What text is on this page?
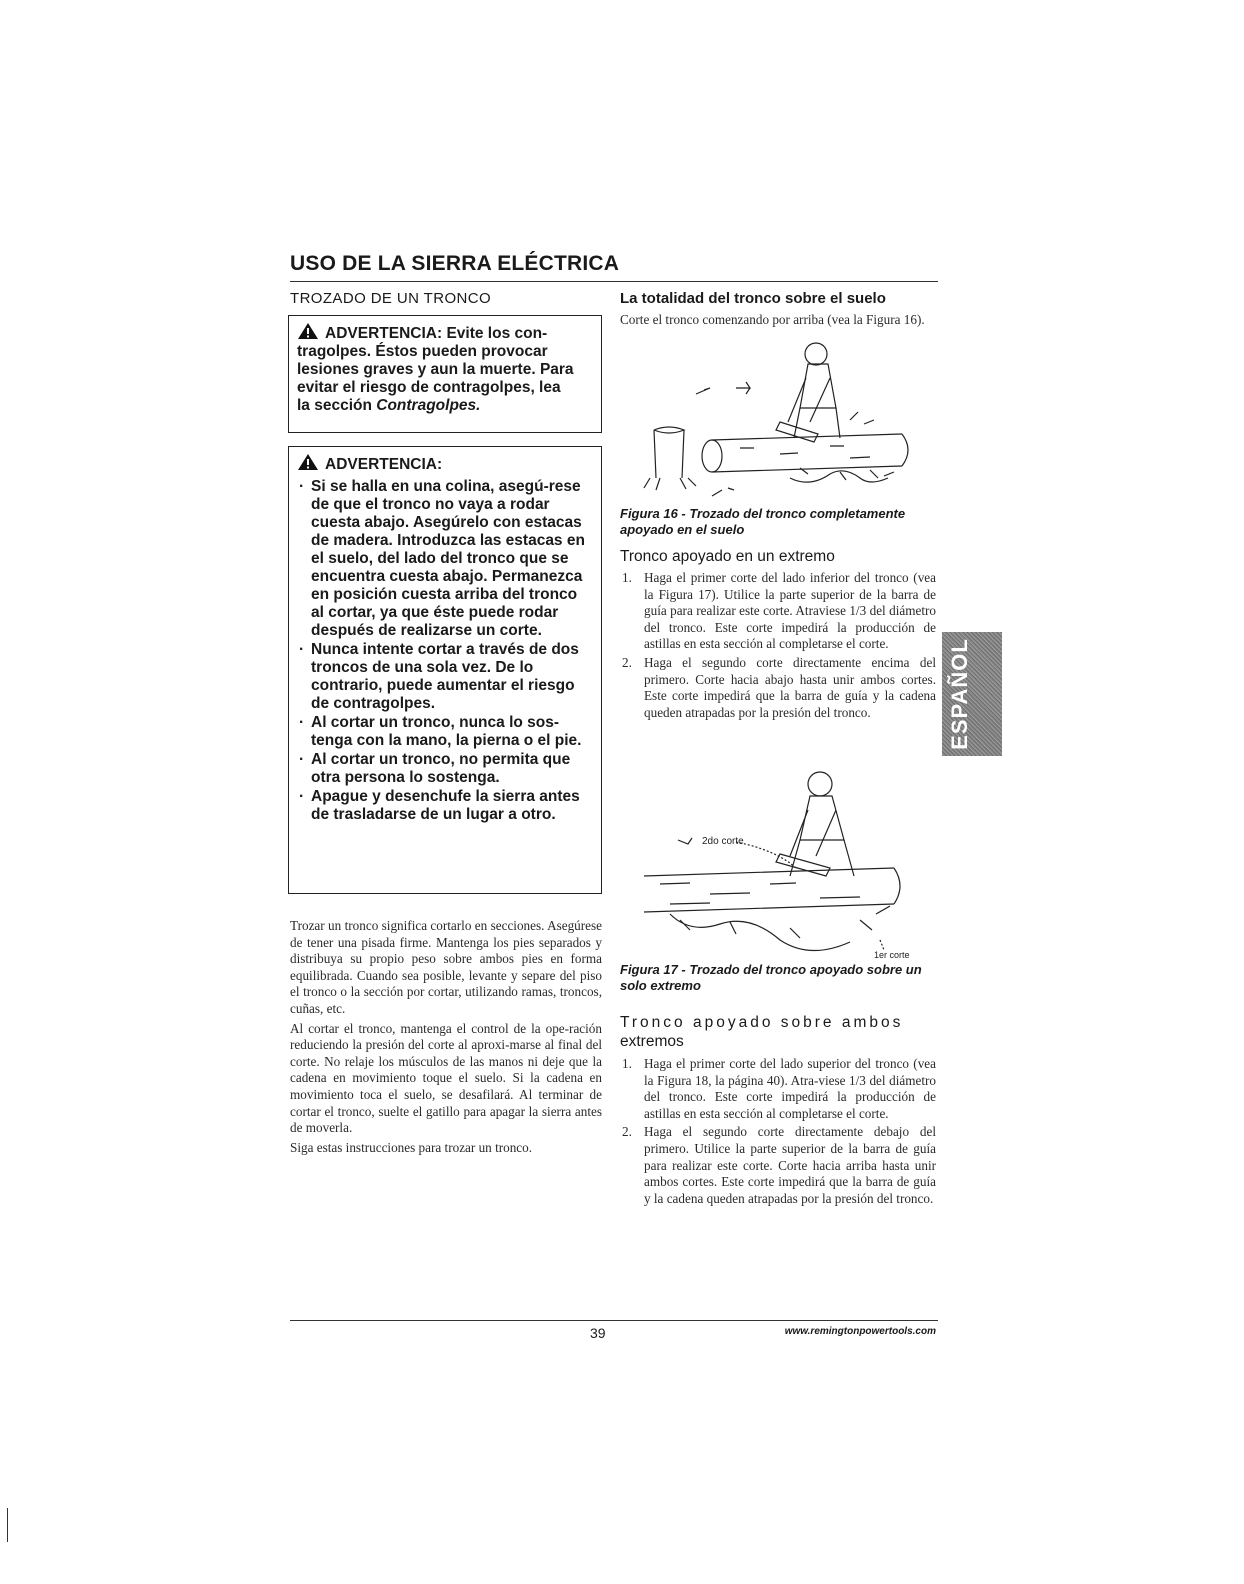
USO DE LA SIERRA ELÉCTRICA
TROZADO DE UN TRONCO
ADVERTENCIA: Evite los con-
tragolpes. Éstos pueden provocar
lesiones graves y aun la muerte. Para
evitar el riesgo de contragolpes, lea
la sección Contragolpes.
ADVERTENCIA:
· Si se halla en una colina, asegú-rese de que el tronco no vaya a rodar cuesta abajo. Asegúrelo con estacas de madera. Introduzca las estacas en el suelo, del lado del tronco que se encuentra cuesta abajo. Permanezca en posición cuesta arriba del tronco al cortar, ya que éste puede rodar después de realizarse un corte.
· Nunca intente cortar a través de dos troncos de una sola vez. De lo contrario, puede aumentar el riesgo de contragolpes.
· Al cortar un tronco, nunca lo sos-tenga con la mano, la pierna o el pie.
· Al cortar un tronco, no permita que otra persona lo sostenga.
· Apague y desenchufe la sierra antes de trasladarse de un lugar a otro.

Trozar un tronco significa cortarlo en secciones. Asegúrese de tener una pisada firme. Mantenga los pies separados y distribuya su propio peso sobre ambos pies en forma equilibrada. Cuando sea posible, levante y separe del piso el tronco o la sección por cortar, utilizando ramas, troncos, cuñas, etc.

Al cortar el tronco, mantenga el control de la ope-ración reduciendo la presión del corte al aproxi-marse al final del corte. No relaje los músculos de las manos ni deje que la cadena en movimiento toque el suelo. Si la cadena en movimiento toca el suelo, se desafilará. Al terminar de cortar el tronco, suelte el gatillo para apagar la sierra antes de moverla.

Siga estas instrucciones para trozar un tronco.

La totalidad del tronco sobre el suelo
Corte el tronco comenzando por arriba (vea la Figura 16).
Figura 16 - Trozado del tronco completamente apoyado en el suelo
Tronco apoyado en un extremo
1. Haga el primer corte del lado inferior del tronco (vea la Figura 17). Utilice la parte superior de la barra de guía para realizar este corte. Atraviese 1/3 del diámetro del tronco. Este corte impedirá la producción de astillas en esta sección al completarse el corte.
2. Haga el segundo corte directamente encima del primero. Corte hacia abajo hasta unir ambos cortes. Este corte impedirá que la barra de guía y la cadena queden atrapadas por la presión del tronco.	ESPAÑOL
2do corte
1er corte
Figura 17 - Trozado del tronco apoyado sobre un solo extremo
Tronco apoyado sobre ambos
extremos
1. Haga el primer corte del lado superior del tronco (vea la Figura 18, la página 40). Atra-viese 1/3 del diámetro del tronco. Este corte impedirá la producción de astillas en esta sección al completarse el corte.
2. Haga el segundo corte directamente debajo del primero. Utilice la parte superior de la barra de guía para realizar este corte. Corte hacia arriba hasta unir ambos cortes. Este corte impedirá que la barra de guía y la cadena queden atrapadas por la presión del tronco.
39	www.remingtonpowertools.com
